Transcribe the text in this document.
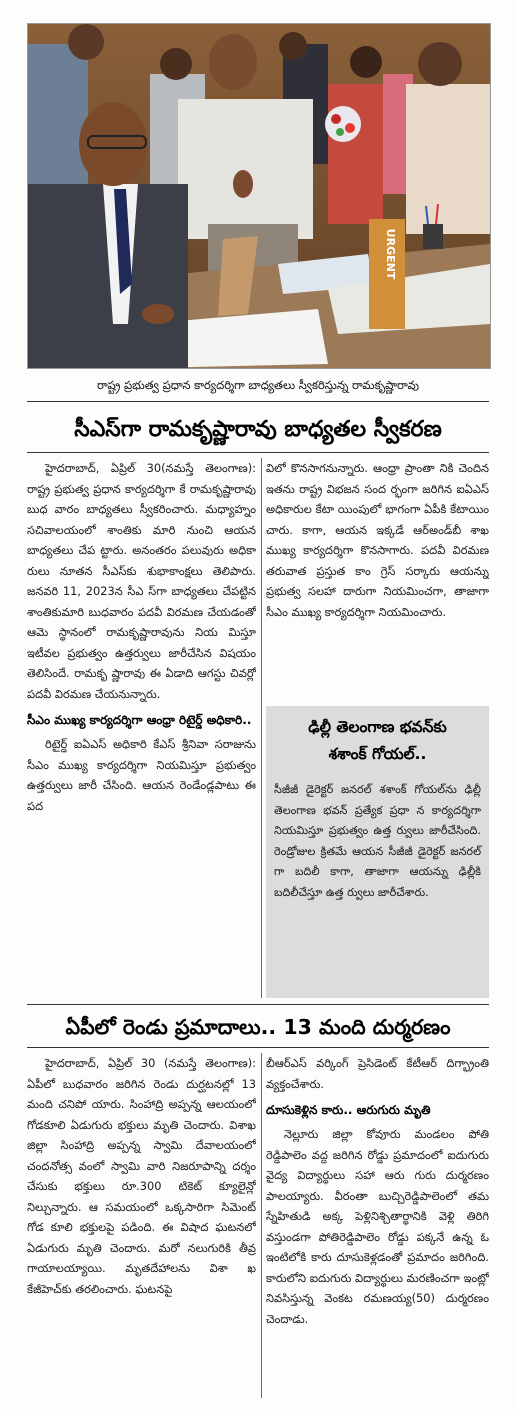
URGENT
రాష్ట్ర ప్రభుత్వ ప్రధాన కార్యదర్శిగా బాధ్యతలు స్వీకరిస్తున్న రామకృష్ణారావు
సీఎస్‌గా రామకృష్ణారావు బాధ్యతల స్వీకరణ

హైదరాబాద్, ఏప్రిల్ 30(నమస్తే తెలంగాణ): రాష్ట్ర ప్రభుత్వ ప్రధాన కార్యదర్శిగా కే రామకృష్ణారావు బుధ వారం బాధ్యతలు స్వీకరించారు. మధ్యాహ్నం సచివాలయంలో శాంతికు మారి నుంచి ఆయన బాధ్యతలు చేప ట్టారు. అనంతరం పలువురు అధికా రులు నూతన సీఎస్‌కు శుభాకాంక్షలు తెలిపారు. జనవరి 11, 2023న సీఎ స్‌గా బాధ్యతలు చేపట్టిన శాంతికుమారి బుధవారం పదవీ విరమణ చేయడంతో ఆమె స్థానంలో రామకృష్ణారావును నియ మిస్తూ ఇటీవల ప్రభుత్వం ఉత్తర్వులు జారీచేసిన విషయం తెలిసిందే. రామకృ ష్ణారావు ఈ ఏడాది ఆగస్టు చివర్లో పదవీ విరమణ చేయనున్నారు.

సీఎం ముఖ్య కార్యదర్శిగా ఆంధ్రా రిటైర్డ్ అధికారి..

రిటైర్డ్ ఐఏఎస్ అధికారి కేఎస్ శ్రీనివా సరాజును సీఎం ముఖ్య కార్యదర్శిగా నియమిస్తూ ప్రభుత్వం ఉత్తర్వులు జారీ చేసింది. ఆయన రెండేండ్లపాటు ఈ పద

విలో కొనసాగనున్నారు. ఆంధ్రా ప్రాంతా నికి చెందిన ఇతను రాష్ట్ర విభజన సంద ర్భంగా జరిగిన ఐఏఎస్ అధికారుల కేటా యింపులో భాగంగా ఏపీకి కేటాయిం చారు. కాగా, ఆయన ఇక్కడే ఆర్‌అండ్‌బీ శాఖ ముఖ్య కార్యదర్శిగా కొనసాగారు. పదవీ విరమణ తరువాత ప్రస్తుత కాం గ్రెస్ సర్కారు ఆయన్ను ప్రభుత్వ సలహా దారుగా నియమించగా, తాజాగా సీఎం ముఖ్య కార్యదర్శిగా నియమించారు.

ఢిల్లీ తెలంగాణ భవన్‌కు
శశాంక్ గోయల్..
సీజీజీ డైరెక్టర్ జనరల్ శశాంక్ గోయల్‌ను ఢిల్లీ తెలంగాణ భవన్ ప్రత్యేక ప్రధా న కార్యదర్శిగా నియమిస్తూ ప్రభుత్వం ఉత్త ర్వులు జారీచేసింది. రెండ్రోజుల క్రితమే ఆయన సీజీజీ డైరెక్టర్ జనరల్ గా బదిలీ కాగా, తాజాగా ఆయన్ను ఢిల్లీకి బదిలీచేస్తూ ఉత్త ర్వులు జారీచేశారు.
ఏపీలో రెండు ప్రమాదాలు.. 13 మంది దుర్మరణం

హైదరాబాద్, ఏప్రిల్ 30 (నమస్తే తెలంగాణ): ఏపీలో బుధవారం జరిగిన రెండు దుర్ఘటనల్లో 13 మంది చనిపో యారు. సింహాద్రి అప్పన్న ఆలయంలో గోడకూలి ఏడుగురు భక్తులు మృతి చెందారు. విశాఖ జిల్లా సింహాద్రి అప్పన్న స్వామి దేవాలయంలో చందనోత్స వంలో స్వామి వారి నిజరూపాన్ని దర్శం చేసుకు భక్తులు రూ.300 టికెట్ క్యూలైన్లో నిల్చున్నారు. ఆ సమయంలో ఒక్కసారిగా సిమెంట్ గోడ కూలి భక్తులపై పడింది. ఈ విషాద ఘటనలో ఏడుగురు మృతి చెందారు. మరో నలుగురికి తీవ్ర గాయాలయ్యాయి. మృతదేహాలను విశా ఖ కేజీహెచ్‌కు తరలించారు. ఘటనపై

బీఆర్ఎస్ వర్కింగ్ ప్రెసిడెంట్ కేటీఆర్ దిగ్భ్రాంతి వ్యక్తంచేశారు.

దూసుకెళ్లిన కారు.. ఆరుగురు మృతి

నెల్లూరు జిల్లా కోవూరు మండలం పోతి రెడ్డిపాలెం వద్ద జరిగిన రోడ్డు ప్రమాదంలో ఐదుగురు వైద్య విద్యార్థులు సహా ఆరు గురు దుర్మరణం పాలయ్యారు. వీరంతా బుచ్చిరెడ్డిపాలెంలో తమ స్నేహితుడి అక్క పెళ్లినిశ్చితార్థానికి వెళ్లి తిరిగి వస్తుండగా పోతిరెడ్డిపాలెం రోడ్డు పక్కనే ఉన్న ఓ ఇంటిలోకి కారు దూసుకెళ్లడంతో ప్రమాదం జరిగింది. కారులోని ఐదుగురు విద్యార్థులు మరణించగా ఇంట్లో నివసిస్తున్న వెంకట రమణయ్య(50) దుర్మరణం చెందాడు.
